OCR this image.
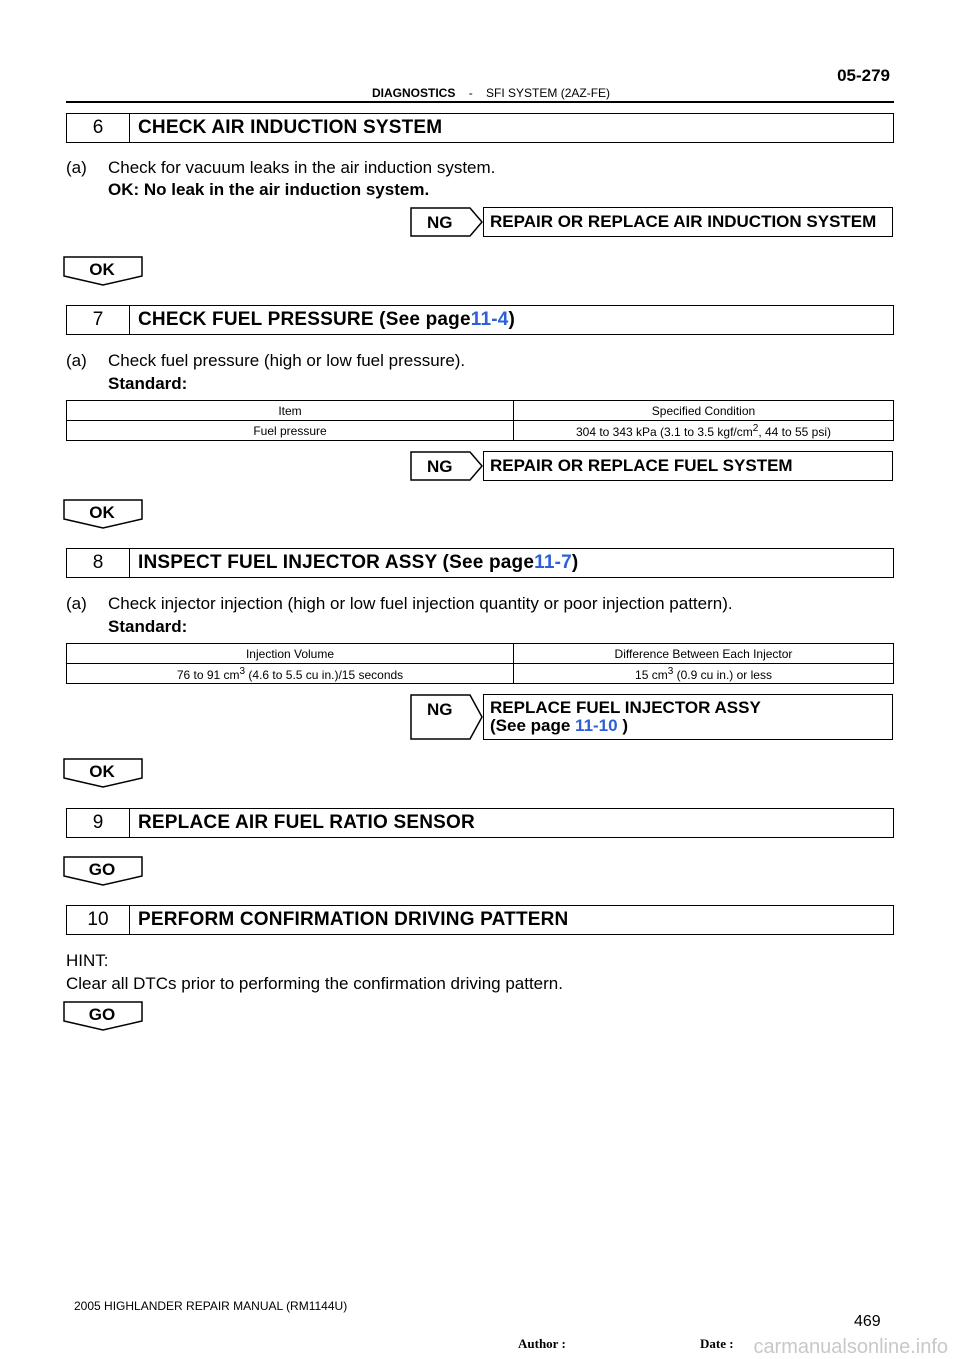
DIAGNOSTICS - SFI SYSTEM (2AZ-FE)
05-279
6	CHECK AIR INDUCTION SYSTEM
(a) Check for vacuum leaks in the air induction system.
OK: No leak in the air induction system.
NG	REPAIR OR REPLACE AIR INDUCTION SYSTEM
OK
7	CHECK FUEL PRESSURE (See page 11-4 )
(a) Check fuel pressure (high or low fuel pressure).
Standard:
Item	Specified Condition
Fuel pressure	304 to 343 kPa (3.1 to 3.5 kgf/$cm^2$, 44 to 55 psi)
NG	REPAIR OR REPLACE FUEL SYSTEM
OK
8	INSPECT FUEL INJECTOR ASSY (See page 11-7 )
(a) Check injector injection (high or low fuel injection quantity or poor injection pattern).
Standard:
Injection Volume	Difference Between Each Injector
76 to 91 $cm^3$ (4.6 to 5.5 cu in.)/15 seconds	15 $cm^3$ (0.9 cu in.) or less
NG REPLACE FUEL INJECTOR ASSY
(See page 11-10 )
OK
9	REPLACE AIR FUEL RATIO SENSOR
GO
10	PERFORM CONFIRMATION DRIVING PATTERN
HINT:
Clear all DTCs prior to performing the confirmation driving pattern.
GO
2005 HIGHLANDER REPAIR MANUAL (RM1144U)
469
Author :	Date : carmanualsonline.info
